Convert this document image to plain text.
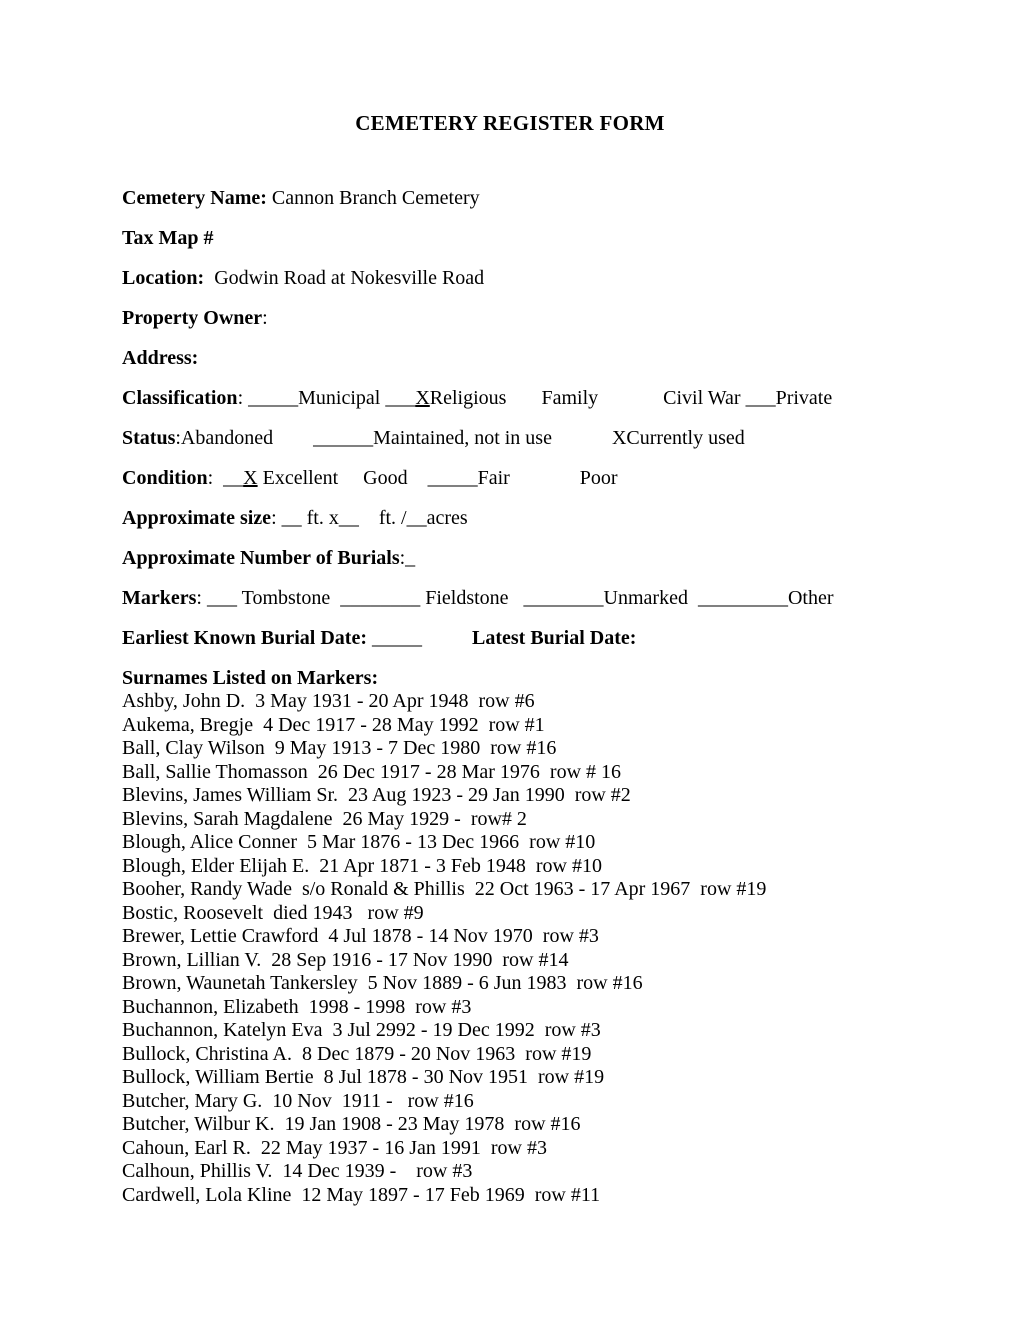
CEMETERY REGISTER FORM
Cemetery Name: Cannon Branch Cemetery
Tax Map #
Location:  Godwin Road at Nokesville Road
Property Owner:
Address:
Classification: _____Municipal ___XReligious       Family             Civil War ___Private
Status:Abandoned        ______Maintained, not in use            XCurrently used
Condition:  __X Excellent     Good    _____Fair              Poor
Approximate size: __ ft. x__    ft. /__acres
Approximate Number of Burials:_
Markers: ___ Tombstone  ________ Fieldstone   ________Unmarked  _________Other
Earliest Known Burial Date: _____          Latest Burial Date:
Surnames Listed on Markers:
Ashby, John D.  3 May 1931 - 20 Apr 1948  row #6
Aukema, Bregje  4 Dec 1917 - 28 May 1992  row #1
Ball, Clay Wilson  9 May 1913 - 7 Dec 1980  row #16
Ball, Sallie Thomasson  26 Dec 1917 - 28 Mar 1976  row # 16
Blevins, James William Sr.  23 Aug 1923 - 29 Jan 1990  row #2
Blevins, Sarah Magdalene  26 May 1929 -  row# 2
Blough, Alice Conner  5 Mar 1876 - 13 Dec 1966  row #10
Blough, Elder Elijah E.  21 Apr 1871 - 3 Feb 1948  row #10
Booher, Randy Wade  s/o Ronald & Phillis  22 Oct 1963 - 17 Apr 1967  row #19
Bostic, Roosevelt  died 1943   row #9
Brewer, Lettie Crawford  4 Jul 1878 - 14 Nov 1970  row #3
Brown, Lillian V.  28 Sep 1916 - 17 Nov 1990  row #14
Brown, Waunetah Tankersley  5 Nov 1889 - 6 Jun 1983  row #16
Buchannon, Elizabeth  1998 - 1998  row #3
Buchannon, Katelyn Eva  3 Jul 2992 - 19 Dec 1992  row #3
Bullock, Christina A.  8 Dec 1879 - 20 Nov 1963  row #19
Bullock, William Bertie  8 Jul 1878 - 30 Nov 1951  row #19
Butcher, Mary G.  10 Nov  1911 -   row #16
Butcher, Wilbur K.  19 Jan 1908 - 23 May 1978  row #16
Cahoun, Earl R.  22 May 1937 - 16 Jan 1991  row #3
Calhoun, Phillis V.  14 Dec 1939 -    row #3
Cardwell, Lola Kline  12 May 1897 - 17 Feb 1969  row #11
